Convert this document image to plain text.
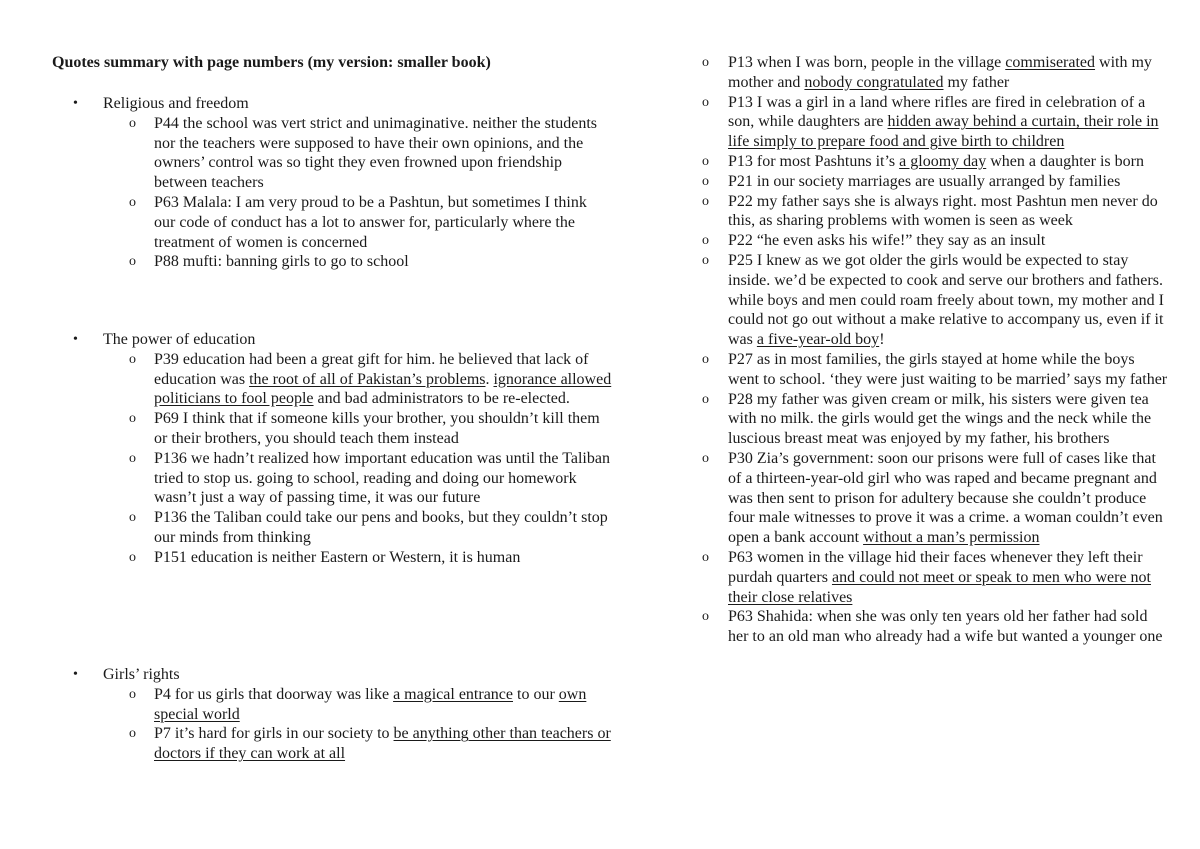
Quotes summary with page numbers (my version: smaller book)

• Religious and freedom

o P44 the school was vert strict and unimaginative. neither the students nor the teachers were supposed to have their own opinions, and the owners’ control was so tight they even frowned upon friendship between teachers
o P63 Malala: I am very proud to be a Pashtun, but sometimes I think our code of conduct has a lot to answer for, particularly where the treatment of women is concerned
o P88 mufti: banning girls to go to school

• The power of education

o P39 education had been a great gift for him. he believed that lack of education was the root of all of Pakistan’s problems. ignorance allowed politicians to fool people and bad administrators to be re-elected.
o P69 I think that if someone kills your brother, you shouldn’t kill them or their brothers, you should teach them instead
o P136 we hadn’t realized how important education was until the Taliban tried to stop us. going to school, reading and doing our homework wasn’t just a way of passing time, it was our future
o P136 the Taliban could take our pens and books, but they couldn’t stop our minds from thinking
o P151 education is neither Eastern or Western, it is human

• Girls’ rights

o P4 for us girls that doorway was like a magical entrance to our own special world
o P7 it’s hard for girls in our society to be anything other than teachers or doctors if they can work at all
o P13 when I was born, people in the village commiserated with my mother and nobody congratulated my father
o P13 I was a girl in a land where rifles are fired in celebration of a son, while daughters are hidden away behind a curtain, their role in life simply to prepare food and give birth to children
o P13 for most Pashtuns it’s a gloomy day when a daughter is born
o P21 in our society marriages are usually arranged by families
o P22 my father says she is always right. most Pashtun men never do this, as sharing problems with women is seen as week
o P22 “he even asks his wife!” they say as an insult
o P25 I knew as we got older the girls would be expected to stay inside. we’d be expected to cook and serve our brothers and fathers. while boys and men could roam freely about town, my mother and I could not go out without a make relative to accompany us, even if it was a five-year-old boy!
o P27 as in most families, the girls stayed at home while the boys went to school. ‘they were just waiting to be married’ says my father
o P28 my father was given cream or milk, his sisters were given tea with no milk. the girls would get the wings and the neck while the luscious breast meat was enjoyed by my father, his brothers
o P30 Zia’s government: soon our prisons were full of cases like that of a thirteen-year-old girl who was raped and became pregnant and was then sent to prison for adultery because she couldn’t produce four male witnesses to prove it was a crime. a woman couldn’t even open a bank account without a man’s permission
o P63 women in the village hid their faces whenever they left their purdah quarters and could not meet or speak to men who were not their close relatives
o P63 Shahida: when she was only ten years old her father had sold her to an old man who already had a wife but wanted a younger one
